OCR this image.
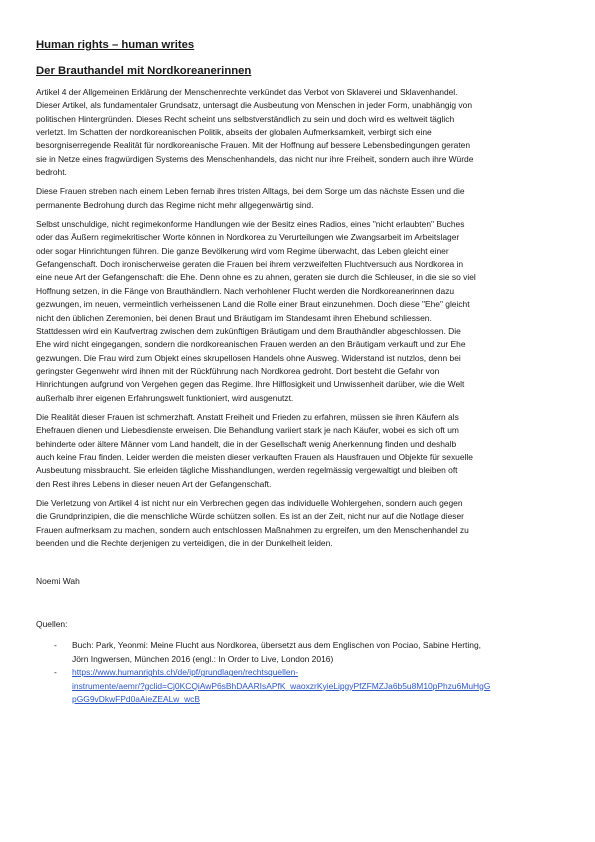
Human rights – human writes

Der Brauthandel mit Nordkoreanerinnen

Artikel 4 der Allgemeinen Erklärung der Menschenrechte verkündet das Verbot von Sklaverei und Sklavenhandel.
Dieser Artikel, als fundamentaler Grundsatz, untersagt die Ausbeutung von Menschen in jeder Form, unabhängig von
politischen Hintergründen. Dieses Recht scheint uns selbstverständlich zu sein und doch wird es weltweit täglich
verletzt. Im Schatten der nordkoreanischen Politik, abseits der globalen Aufmerksamkeit, verbirgt sich eine
besorgniserregende Realität für nordkoreanische Frauen. Mit der Hoffnung auf bessere Lebensbedingungen geraten
sie in Netze eines fragwürdigen Systems des Menschenhandels, das nicht nur ihre Freiheit, sondern auch ihre Würde
bedroht.

Diese Frauen streben nach einem Leben fernab ihres tristen Alltags, bei dem Sorge um das nächste Essen und die
permanente Bedrohung durch das Regime nicht mehr allgegenwärtig sind.

Selbst unschuldige, nicht regimekonforme Handlungen wie der Besitz eines Radios, eines "nicht erlaubten" Buches
oder das Äußern regimekritischer Worte können in Nordkorea zu Verurteilungen wie Zwangsarbeit im Arbeitslager
oder sogar Hinrichtungen führen. Die ganze Bevölkerung wird vom Regime überwacht, das Leben gleicht einer
Gefangenschaft. Doch ironischerweise geraten die Frauen bei ihrem verzweifelten Fluchtversuch aus Nordkorea in
eine neue Art der Gefangenschaft: die Ehe. Denn ohne es zu ahnen, geraten sie durch die Schleuser, in die sie so viel
Hoffnung setzen, in die Fänge von Brauthändlern. Nach verhohlener Flucht werden die Nordkoreanerinnen dazu
gezwungen, im neuen, vermeintlich verheissenen Land die Rolle einer Braut einzunehmen. Doch diese "Ehe" gleicht
nicht den üblichen Zeremonien, bei denen Braut und Bräutigam im Standesamt ihren Ehebund schliessen.
Stattdessen wird ein Kaufvertrag zwischen dem zukünftigen Bräutigam und dem Brauthändler abgeschlossen. Die
Ehe wird nicht eingegangen, sondern die nordkoreanischen Frauen werden an den Bräutigam verkauft und zur Ehe
gezwungen. Die Frau wird zum Objekt eines skrupellosen Handels ohne Ausweg. Widerstand ist nutzlos, denn bei
geringster Gegenwehr wird ihnen mit der Rückführung nach Nordkorea gedroht. Dort besteht die Gefahr von
Hinrichtungen aufgrund von Vergehen gegen das Regime. Ihre Hilflosigkeit und Unwissenheit darüber, wie die Welt
außerhalb ihrer eigenen Erfahrungswelt funktioniert, wird ausgenutzt.

Die Realität dieser Frauen ist schmerzhaft. Anstatt Freiheit und Frieden zu erfahren, müssen sie ihren Käufern als
Ehefrauen dienen und Liebesdienste erweisen. Die Behandlung variiert stark je nach Käufer, wobei es sich oft um
behinderte oder ältere Männer vom Land handelt, die in der Gesellschaft wenig Anerkennung finden und deshalb
auch keine Frau finden. Leider werden die meisten dieser verkauften Frauen als Hausfrauen und Objekte für sexuelle
Ausbeutung missbraucht. Sie erleiden tägliche Misshandlungen, werden regelmässig vergewaltigt und bleiben oft
den Rest ihres Lebens in dieser neuen Art der Gefangenschaft.

Die Verletzung von Artikel 4 ist nicht nur ein Verbrechen gegen das individuelle Wohlergehen, sondern auch gegen
die Grundprinzipien, die die menschliche Würde schützen sollen. Es ist an der Zeit, nicht nur auf die Notlage dieser
Frauen aufmerksam zu machen, sondern auch entschlossen Maßnahmen zu ergreifen, um den Menschenhandel zu
beenden und die Rechte derjenigen zu verteidigen, die in der Dunkelheit leiden.

Noemi Wah
Quellen:
- Buch: Park, Yeonmi: Meine Flucht aus Nordkorea, übersetzt aus dem Englischen von Pociao, Sabine Herting,
Jörn Ingwersen, München 2016 (engl.: In Order to Live, London 2016)
- https://www.humanrights.ch/de/ipf/grundlagen/rechtsquellen-
instrumente/aemr/?gclid=Cj0KCQiAwP6sBhDAARIsAPfK_waoxzrKyieLipgyPfZFMZJa6b5u8M10pPhzu6MuHgG
pGG9vDkwFPd0aAieZEALw_wcB
